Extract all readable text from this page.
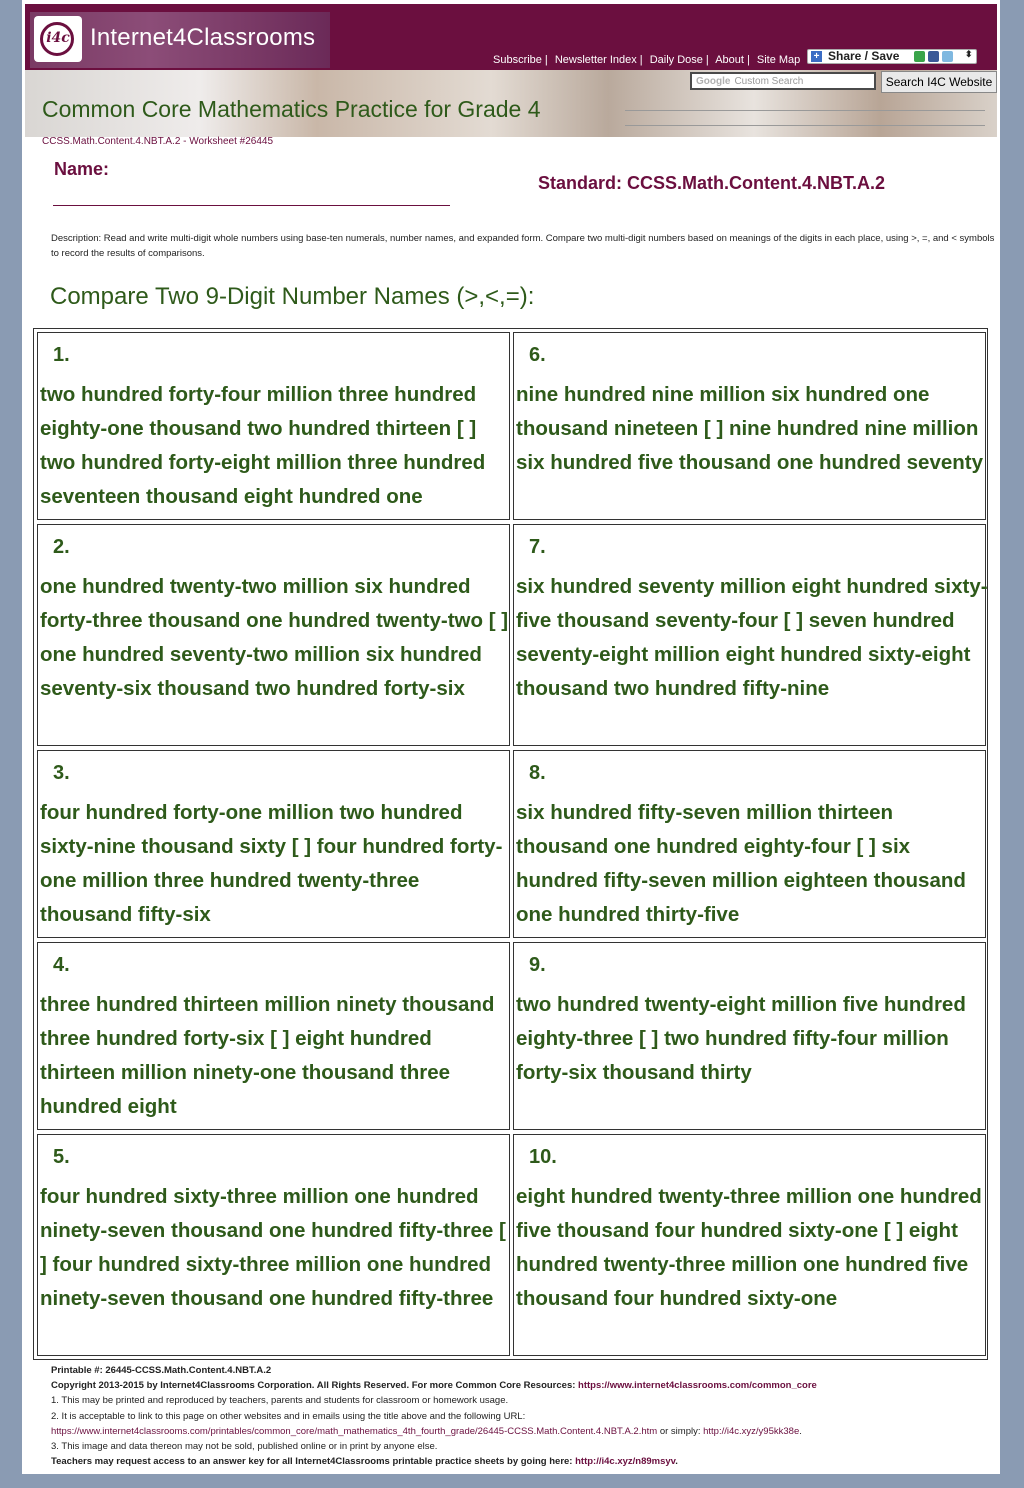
i4c Internet4Classrooms
Subscribe | Newsletter Index | Daily Dose | About | Site Map + Share / Save	⬍
Google Custom Search	Search I4C Website
Common Core Mathematics Practice for Grade 4
CCSS.Math.Content.4.NBT.A.2 - Worksheet #26445
Name:
Standard: CCSS.Math.Content.4.NBT.A.2
Description: Read and write multi-digit whole numbers using base-ten numerals, number names, and expanded form. Compare two multi-digit numbers based on meanings of the digits in each place, using >, =, and < symbols to record the results of comparisons.
Compare Two 9-Digit Number Names (>,<,=):
1.
two hundred forty-four million three hundred eighty-one thousand two hundred thirteen [ ] two hundred forty-eight million three hundred seventeen thousand eight hundred one
2.
one hundred twenty-two million six hundred forty-three thousand one hundred twenty-two [ ] one hundred seventy-two million six hundred seventy-six thousand two hundred forty-six
3.
four hundred forty-one million two hundred sixty-nine thousand sixty [ ] four hundred forty-one million three hundred twenty-three thousand fifty-six
4.
three hundred thirteen million ninety thousand three hundred forty-six [ ] eight hundred thirteen million ninety-one thousand three hundred eight
5.
four hundred sixty-three million one hundred ninety-seven thousand one hundred fifty-three [ ] four hundred sixty-three million one hundred ninety-seven thousand one hundred fifty-three
6.
nine hundred nine million six hundred one thousand nineteen [ ] nine hundred nine million six hundred five thousand one hundred seventy
7.
six hundred seventy million eight hundred sixty-five thousand seventy-four [ ] seven hundred seventy-eight million eight hundred sixty-eight thousand two hundred fifty-nine
8.
six hundred fifty-seven million thirteen thousand one hundred eighty-four [ ] six hundred fifty-seven million eighteen thousand one hundred thirty-five
9.
two hundred twenty-eight million five hundred eighty-three [ ] two hundred fifty-four million forty-six thousand thirty
10.
eight hundred twenty-three million one hundred five thousand four hundred sixty-one [ ] eight hundred twenty-three million one hundred five thousand four hundred sixty-one
Printable #: 26445-CCSS.Math.Content.4.NBT.A.2
Copyright 2013-2015 by Internet4Classrooms Corporation. All Rights Reserved. For more Common Core Resources: https://www.internet4classrooms.com/common_core
1. This may be printed and reproduced by teachers, parents and students for classroom or homework usage.
2. It is acceptable to link to this page on other websites and in emails using the title above and the following URL:
https://www.internet4classrooms.com/printables/common_core/math_mathematics_4th_fourth_grade/26445-CCSS.Math.Content.4.NBT.A.2.htm or simply: http://i4c.xyz/y95kk38e.
3. This image and data thereon may not be sold, published online or in print by anyone else.
Teachers may request access to an answer key for all Internet4Classrooms printable practice sheets by going here: http://i4c.xyz/n89msyv.
